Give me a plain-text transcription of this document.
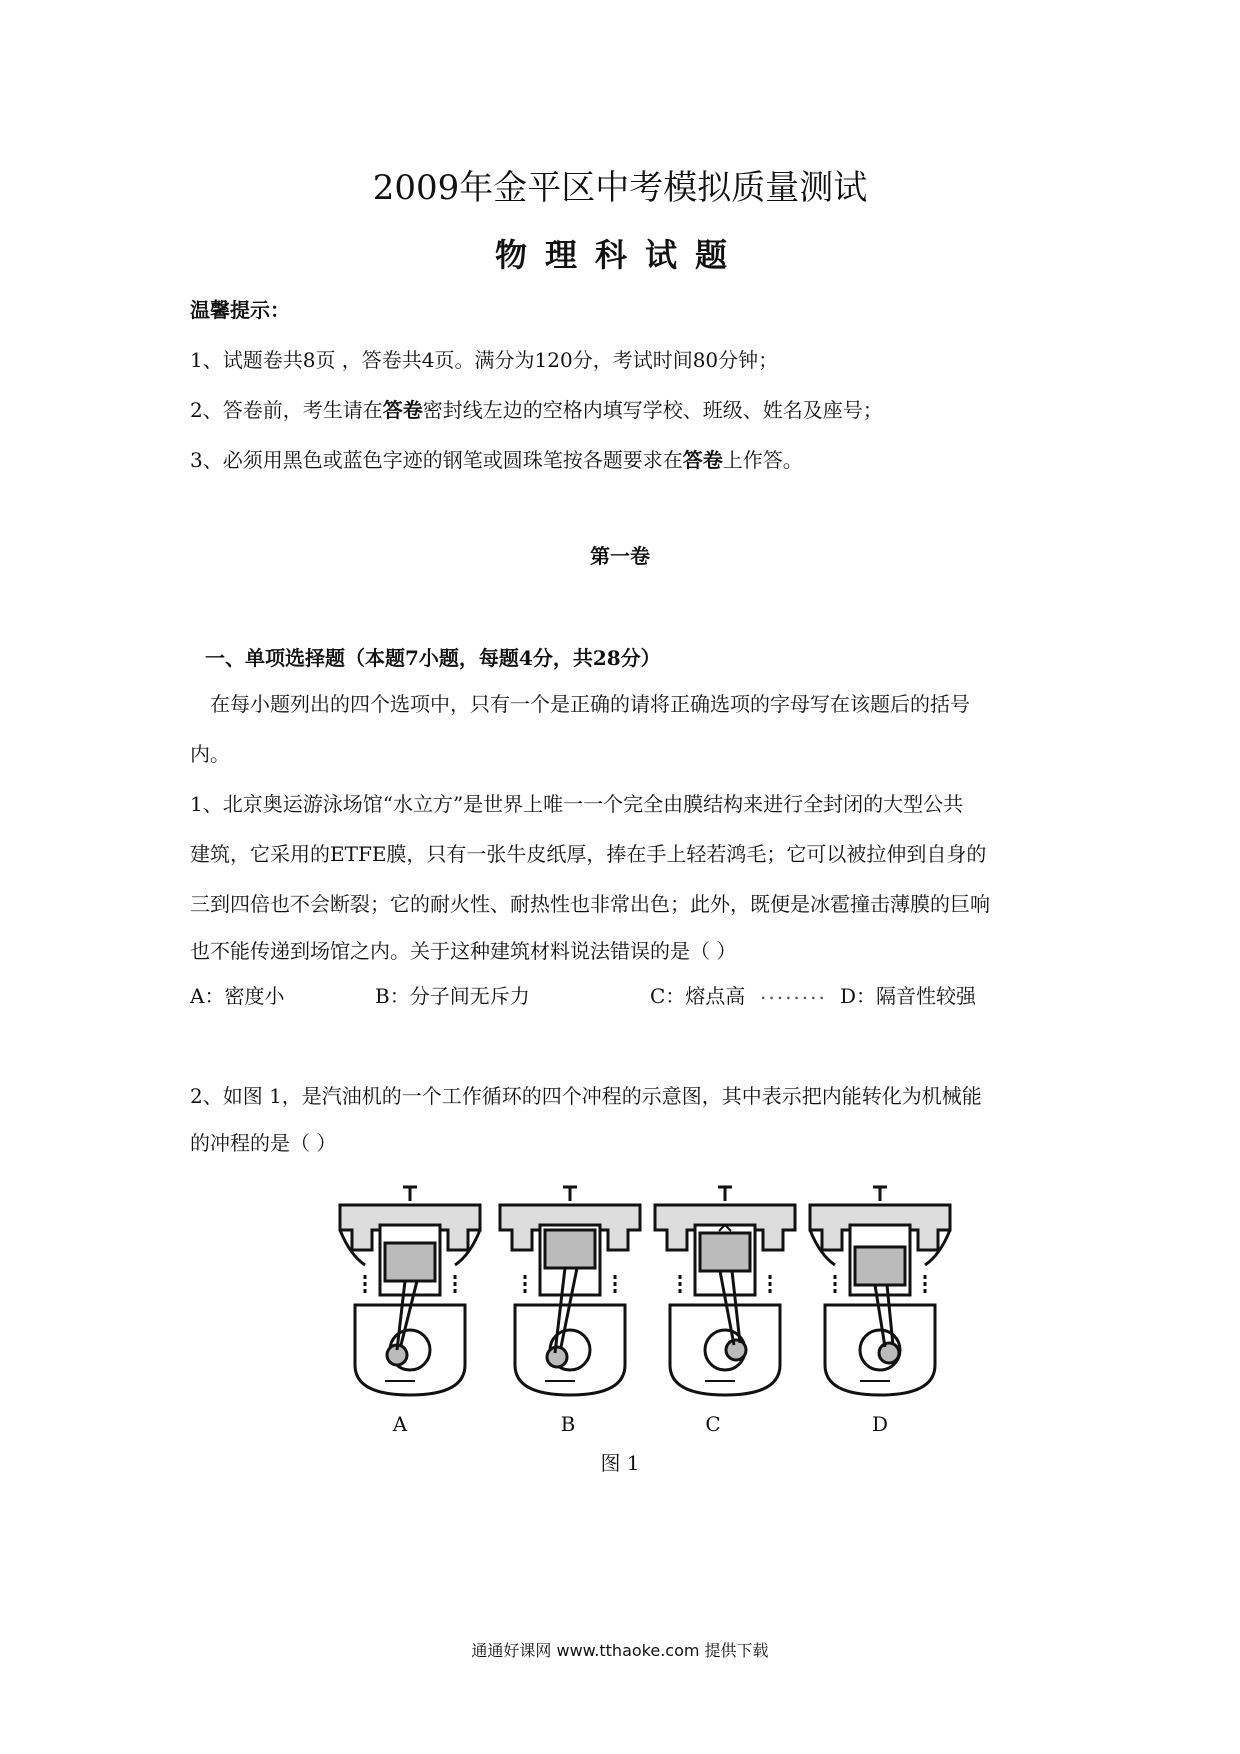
2009年金平区中考模拟质量测试
物理科试题
温馨提示：
1、试题卷共8页 ，答卷共4页。满分为120分，考试时间80分钟；
2、答卷前，考生请在答卷密封线左边的空格内填写学校、班级、姓名及座号；
3、必须用黑色或蓝色字迹的钢笔或圆珠笔按各题要求在答卷上作答。
第一卷
一、单项选择题（本题7小题，每题4分，共28分）
在每小题列出的四个选项中，只有一个是正确的请将正确选项的字母写在该题后的括号
内。
1、北京奥运游泳场馆“水立方”是世界上唯一一个完全由膜结构来进行全封闭的大型公共
建筑，它采用的ETFE膜，只有一张牛皮纸厚，捧在手上轻若鸿毛；它可以被拉伸到自身的
三到四倍也不会断裂；它的耐火性、耐热性也非常出色；此外，既便是冰雹撞击薄膜的巨响
也不能传递到场馆之内。关于这种建筑材料说法错误的是（ ）
A：密度小	B：分子间无斥力	C：熔点高 ........ D：隔音性较强
2、如图 1，是汽油机的一个工作循环的四个冲程的示意图，其中表示把内能转化为机械能
的冲程的是（ ）
A	B	C	D
图 1
通通好课网 www.tthaoke.com 提供下载
